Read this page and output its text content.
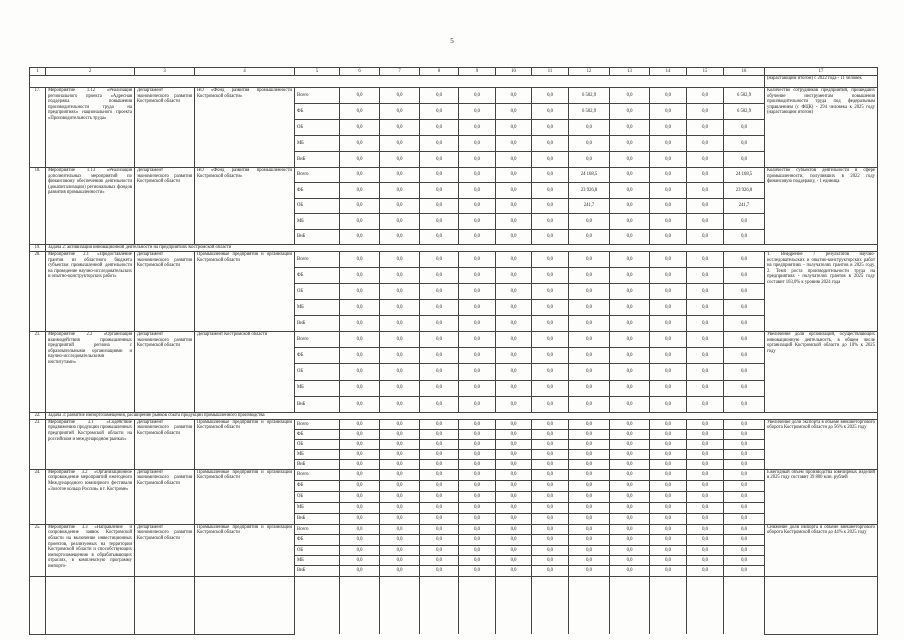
5
1	2	3	4	5	6	7	8	9	10	11	12	13	14	15	16	17
																(нарастающим итогом) с 2022 года - 11 человек
17.	Мероприятие 1.12 «Реализация регионального проекта «Адресная поддержка повышения производительности труда на предприятиях» национального проекта «Производительность труда»	Департамент экономического развития Костромской области	НО «Фонд развития промышленности Костромской области»	Всего	0,0	0,0	0,0	0,0	0,0	0,0	6 502,9	0,0	0,0	0,0	6 502,9	Количество сотрудников предприятий, прошедших обучение инструментам повышения производительности труда под федеральным управлением (с ФЦК) - 294 человека к 2025 году (нарастающим итогом)
				ФБ	0,0	0,0	0,0	0,0	0,0	0,0	6 502,9	0,0	0,0	0,0	6 502,9	
				ОБ	0,0	0,0	0,0	0,0	0,0	0,0	0,0	0,0	0,0	0,0	0,0	
				МБ	0,0	0,0	0,0	0,0	0,0	0,0	0,0	0,0	0,0	0,0	0,0	
				ВнБ	0,0	0,0	0,0	0,0	0,0	0,0	0,0	0,0	0,0	0,0	0,0	
18.	Мероприятие 1.13 «Реализация дополнительных мероприятий по финансовому обеспечению деятельности (докапитализации) региональных фондов развития промышленности»	Департамент экономического развития Костромской области	НО «Фонд развития промышленности Костромской области»	Всего	0,0	0,0	0,0	0,0	0,0	0,0	24 168,5	0,0	0,0	0,0	24 168,5	Количество субъектов деятельности в сфере промышленности, получивших в 2022 году финансовую поддержку, - 1 единица
				ФБ	0,0	0,0	0,0	0,0	0,0	0,0	23 926,8	0,0	0,0	0,0	23 926,8	
				ОБ	0,0	0,0	0,0	0,0	0,0	0,0	241,7	0,0	0,0	0,0	241,7	
				МБ	0,0	0,0	0,0	0,0	0,0	0,0	0,0	0,0	0,0	0,0	0,0	
				ВнБ	0,0	0,0	0,0	0,0	0,0	0,0	0,0	0,0	0,0	0,0	0,0	
19.	Задача 2: активизация инновационной деятельности на предприятиях Костромской области															
20.	Мероприятие 2.1 «Предоставление грантов из областного бюджета субъектам промышленной деятельности на проведение научно-исследовательских и опытно-конструкторских работ»	Департамент экономического развития Костромской области	Промышленные предприятия и организации Костромской области	Всего	0,0	0,0	0,0	0,0	0,0	0,0	0,0	0,0	0,0	0,0	0,0	1. Внедрение 7 результатов научно-исследовательских и опытно-конструкторских работ на предприятиях - получателях грантов в 2025 году. 2. Темп роста производительности труда на предприятиях - получателях грантов в 2025 году составит 103,0% к уровню 2024 года
				ФБ	0,0	0,0	0,0	0,0	0,0	0,0	0,0	0,0	0,0	0,0	0,0	
				ОБ	0,0	0,0	0,0	0,0	0,0	0,0	0,0	0,0	0,0	0,0	0,0	
				МБ	0,0	0,0	0,0	0,0	0,0	0,0	0,0	0,0	0,0	0,0	0,0	
				ВнБ	0,0	0,0	0,0	0,0	0,0	0,0	0,0	0,0	0,0	0,0	0,0	
21.	Мероприятие 2.2 «Организация взаимодействия промышленных предприятий региона с образовательными организациями и научно-исследовательскими институтами»	Департамент экономического развития Костромской области	Департамент Костромской области	Всего	0,0	0,0	0,0	0,0	0,0	0,0	0,0	0,0	0,0	0,0	0,0	Увеличение доли организаций, осуществляющих инновационную деятельность, в общем числе организаций Костромской области до 10% к 2025 году
				ФБ	0,0	0,0	0,0	0,0	0,0	0,0	0,0	0,0	0,0	0,0	0,0	
				ОБ	0,0	0,0	0,0	0,0	0,0	0,0	0,0	0,0	0,0	0,0	0,0	
				МБ	0,0	0,0	0,0	0,0	0,0	0,0	0,0	0,0	0,0	0,0	0,0	
				ВнБ	0,0	0,0	0,0	0,0	0,0	0,0	0,0	0,0	0,0	0,0	0,0	
22.	Задача 3: развитие импортозамещения, расширение рынков сбыта продукции промышленного производства															
23.	Мероприятие 3.1 «Содействие продвижению продукции промышленных предприятий Костромской области на российском и международном рынках»	Департамент экономического развития Костромской области	Промышленные предприятия и организации Костромской области	Всего	0,0	0,0	0,0	0,0	0,0	0,0	0,0	0,0	0,0	0,0	0,0	Увеличение доли экспорта в объеме внешнеторгового оборота Костромской области до 56% к 2025 году
				ФБ	0,0	0,0	0,0	0,0	0,0	0,0	0,0	0,0	0,0	0,0	0,0	
				ОБ	0,0	0,0	0,0	0,0	0,0	0,0	0,0	0,0	0,0	0,0	0,0	
				МБ	0,0	0,0	0,0	0,0	0,0	0,0	0,0	0,0	0,0	0,0	0,0	
				ВнБ	0,0	0,0	0,0	0,0	0,0	0,0	0,0	0,0	0,0	0,0	0,0	
24.	Мероприятие 3.2 «Организационное сопровождение мероприятий ежегодного Международного ювелирного фестиваля «Золотое кольцо России» в г. Костроме»	Департамент экономического развития Костромской области	Промышленные предприятия и организации Костромской области	Всего	0,0	0,0	0,0	0,0	0,0	0,0	0,0	0,0	0,0	0,0	0,0	Ежегодный объем производства ювелирных изделий в 2025 году составит 39 800 млн. рублей
				ФБ	0,0	0,0	0,0	0,0	0,0	0,0	0,0	0,0	0,0	0,0	0,0	
				ОБ	0,0	0,0	0,0	0,0	0,0	0,0	0,0	0,0	0,0	0,0	0,0	
				МБ	0,0	0,0	0,0	0,0	0,0	0,0	0,0	0,0	0,0	0,0	0,0	
				ВнБ	0,0	0,0	0,0	0,0	0,0	0,0	0,0	0,0	0,0	0,0	0,0	
25.	Мероприятие 3.3 «Направление и сопровождение заявок Костромской области на включение инвестиционных проектов, реализуемых на территории Костромской области и способствующих импортозамещению в обрабатывающих отраслях, в комплексную программу импорто-	Департамент экономического развития Костромской области	Промышленные предприятия и организации Костромской области	Всего	0,0	0,0	0,0	0,0	0,0	0,0	0,0	0,0	0,0	0,0	0,0	Снижение доли импорта в объеме внешнеторгового оборота Костромской области до 44% к 2025 году
				ФБ	0,0	0,0	0,0	0,0	0,0	0,0	0,0	0,0	0,0	0,0	0,0	
				ОБ	0,0	0,0	0,0	0,0	0,0	0,0	0,0	0,0	0,0	0,0	0,0	
				МБ	0,0	0,0	0,0	0,0	0,0	0,0	0,0	0,0	0,0	0,0	0,0	
				ВнБ	0,0	0,0	0,0	0,0	0,0	0,0	0,0	0,0	0,0	0,0	0,0	
